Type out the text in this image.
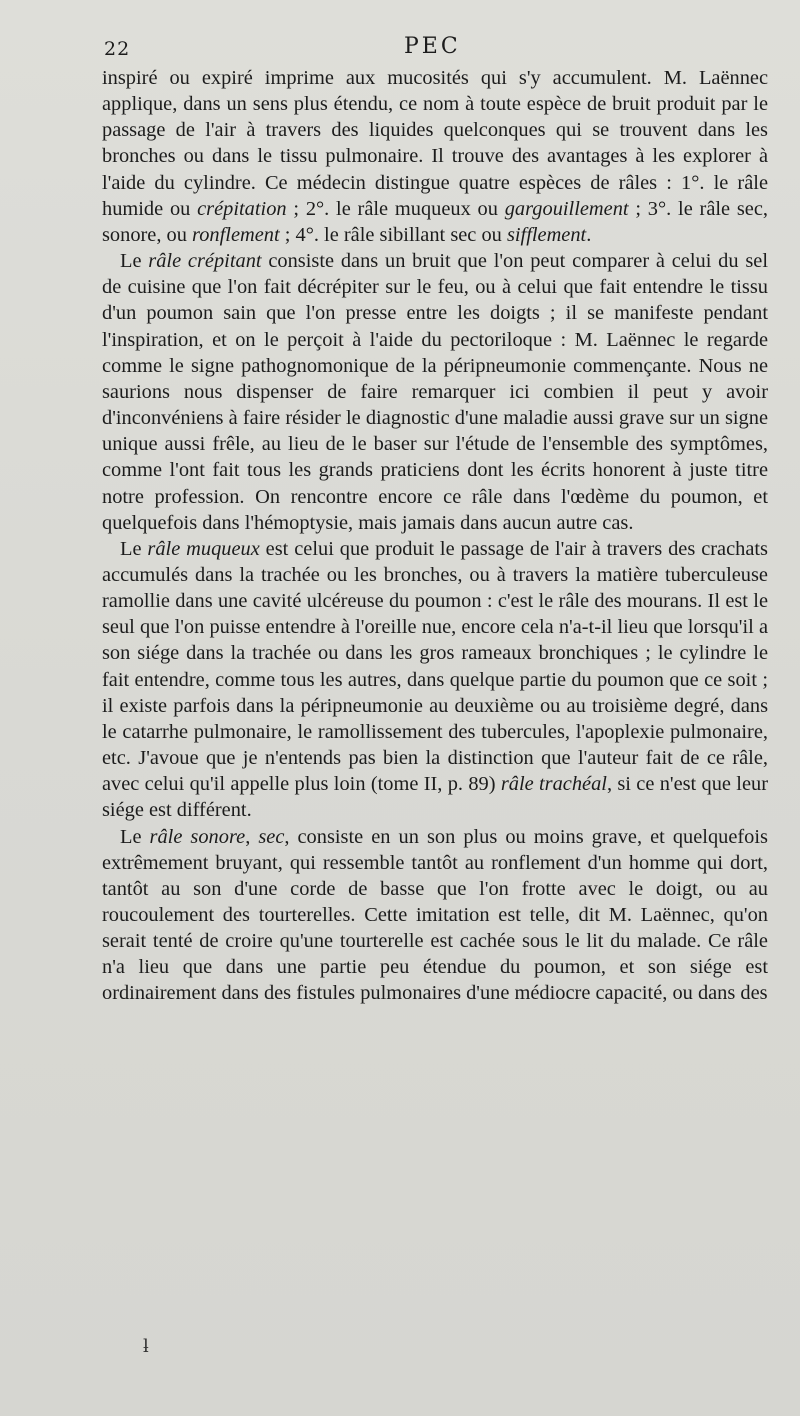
22	PEC

inspiré ou expiré imprime aux mucosités qui s'y accumulent. M. Laënnec applique, dans un sens plus étendu, ce nom à toute espèce de bruit produit par le passage de l'air à travers des liquides quelconques qui se trouvent dans les bronches ou dans le tissu pulmonaire. Il trouve des avantages à les explorer à l'aide du cylindre. Ce médecin distingue quatre espèces de râles : 1°. le râle humide ou crépitation ; 2°. le râle muqueux ou gargouillement ; 3°. le râle sec, sonore, ou ronflement ; 4°. le râle sibillant sec ou sifflement.

Le râle crépitant consiste dans un bruit que l'on peut comparer à celui du sel de cuisine que l'on fait décrépiter sur le feu, ou à celui que fait entendre le tissu d'un poumon sain que l'on presse entre les doigts ; il se manifeste pendant l'inspiration, et on le perçoit à l'aide du pectoriloque : M. Laënnec le regarde comme le signe pathognomonique de la péripneumonie commençante. Nous ne saurions nous dispenser de faire remarquer ici combien il peut y avoir d'inconvéniens à faire résider le diagnostic d'une maladie aussi grave sur un signe unique aussi frêle, au lieu de le baser sur l'étude de l'ensemble des symptômes, comme l'ont fait tous les grands praticiens dont les écrits honorent à juste titre notre profession. On rencontre encore ce râle dans l'œdème du poumon, et quelquefois dans l'hémoptysie, mais jamais dans aucun autre cas.

Le râle muqueux est celui que produit le passage de l'air à travers des crachats accumulés dans la trachée ou les bronches, ou à travers la matière tuberculeuse ramollie dans une cavité ulcéreuse du poumon : c'est le râle des mourans. Il est le seul que l'on puisse entendre à l'oreille nue, encore cela n'a-t-il lieu que lorsqu'il a son siége dans la trachée ou dans les gros rameaux bronchiques ; le cylindre le fait entendre, comme tous les autres, dans quelque partie du poumon que ce soit ; il existe parfois dans la péripneumonie au deuxième ou au troisième degré, dans le catarrhe pulmonaire, le ramollissement des tubercules, l'apoplexie pulmonaire, etc. J'avoue que je n'entends pas bien la distinction que l'auteur fait de ce râle, avec celui qu'il appelle plus loin (tome II, p. 89) râle trachéal, si ce n'est que leur siége est différent.

Le râle sonore, sec, consiste en un son plus ou moins grave, et quelquefois extrêmement bruyant, qui ressemble tantôt au ronflement d'un homme qui dort, tantôt au son d'une corde de basse que l'on frotte avec le doigt, ou au roucoulement des tourterelles. Cette imitation est telle, dit M. Laënnec, qu'on serait tenté de croire qu'une tourterelle est cachée sous le lit du malade. Ce râle n'a lieu que dans une partie peu étendue du poumon, et son siége est ordinairement dans des fistules pulmonaires d'une médiocre capacité, ou dans des

ƚ
